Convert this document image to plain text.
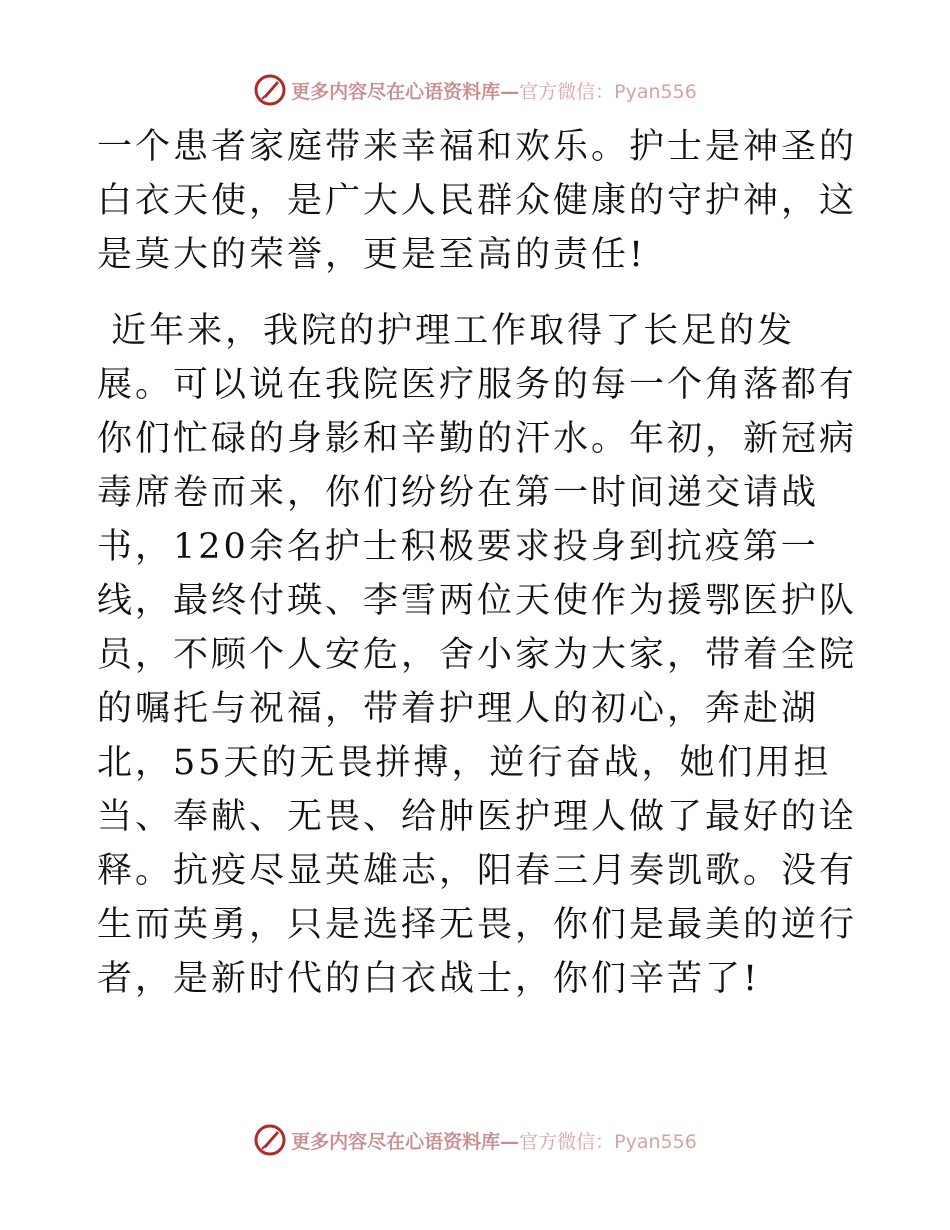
更多内容尽在心语资料库— 官方微信：Pyan556

一个患者家庭带来幸福和欢乐。护士是神圣的白衣天使，是广大人民群众健康的守护神，这是莫大的荣誉，更是至高的责任!

近年来，我院的护理工作取得了长足的发展。可以说在我院医疗服务的每一个角落都有你们忙碌的身影和辛勤的汗水。年初，新冠病毒席卷而来，你们纷纷在第一时间递交请战书，120余名护士积极要求投身到抗疫第一线，最终付瑛、李雪两位天使作为援鄂医护队员，不顾个人安危，舍小家为大家，带着全院的嘱托与祝福，带着护理人的初心，奔赴湖北，55天的无畏拼搏，逆行奋战，她们用担当、奉献、无畏、给肿医护理人做了最好的诠释。抗疫尽显英雄志，阳春三月奏凯歌。没有生而英勇，只是选择无畏，你们是最美的逆行者，是新时代的白衣战士，你们辛苦了!

更多内容尽在心语资料库— 官方微信：Pyan556
